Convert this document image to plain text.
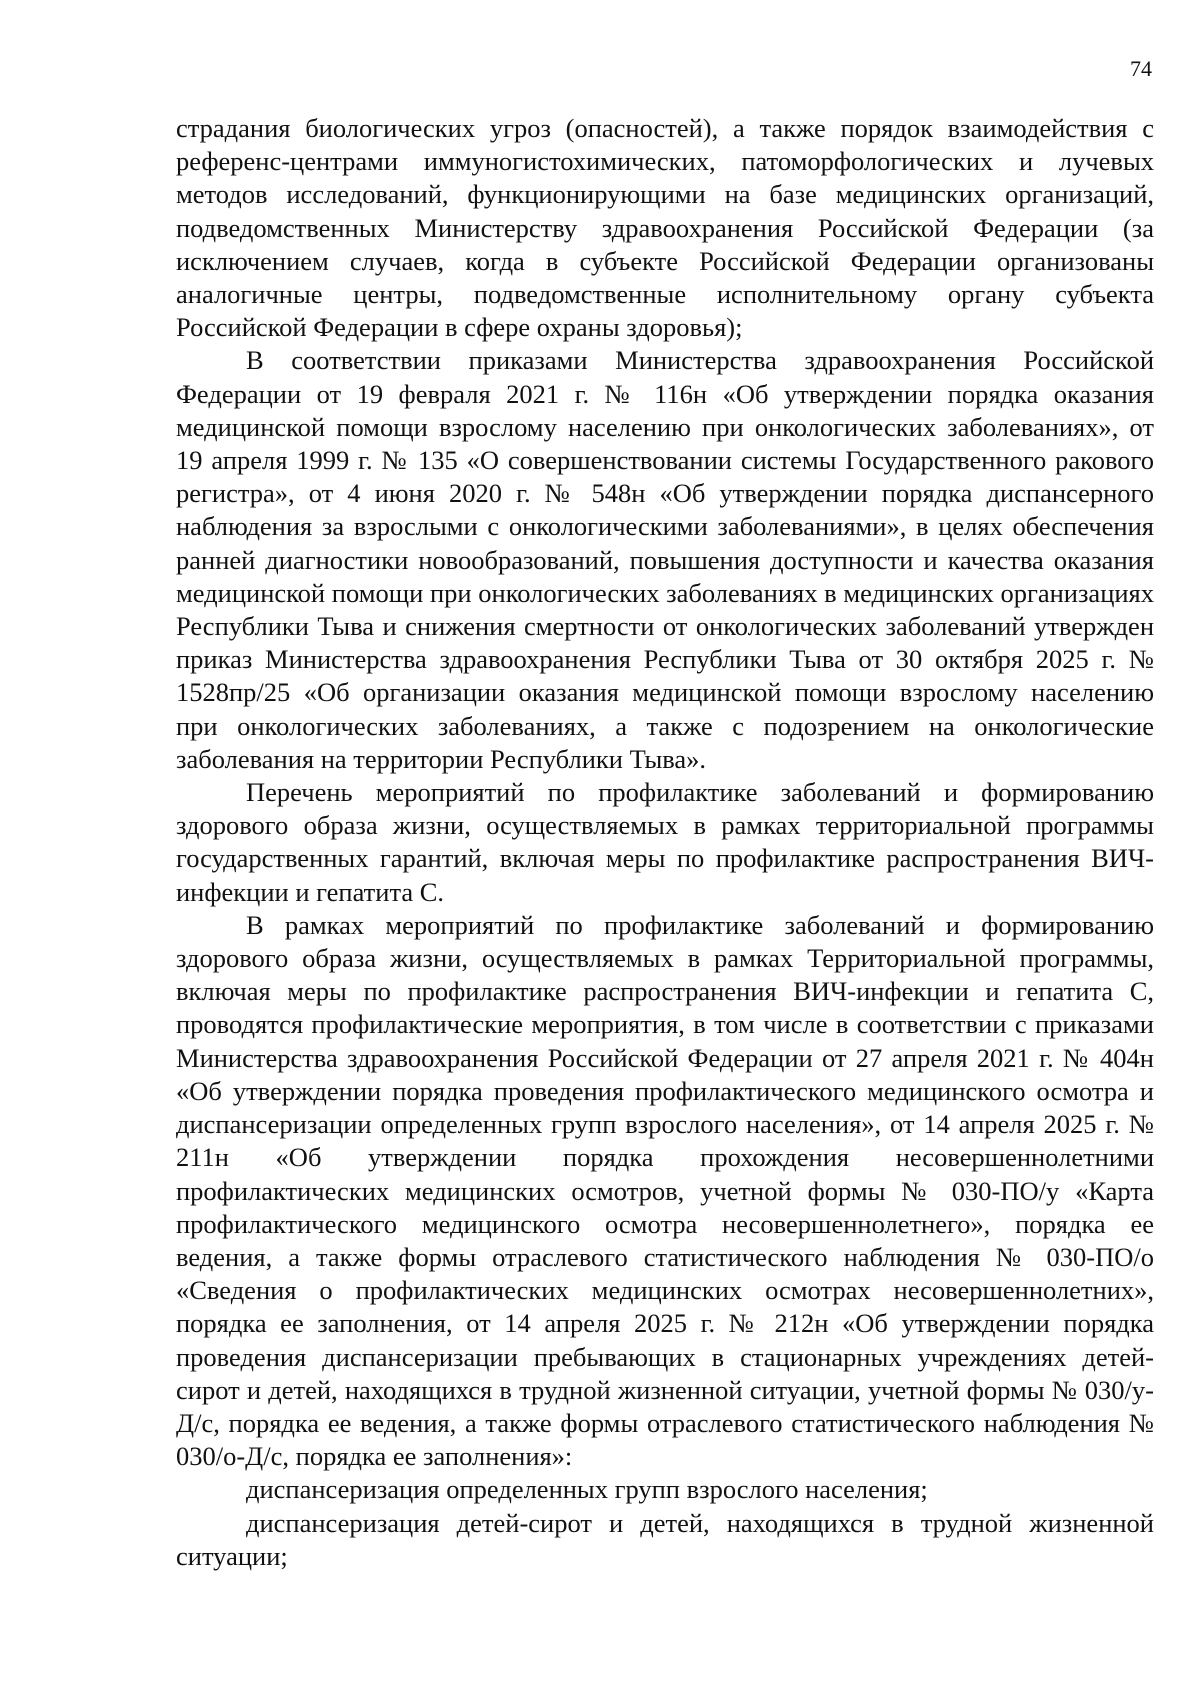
74

страдания биологических угроз (опасностей), а также порядок взаимодействия с референс-центрами иммуногистохимических, патоморфологических и лучевых методов исследований, функционирующими на базе медицинских организаций, подведомственных Министерству здравоохранения Российской Федерации (за исключением случаев, когда в субъекте Российской Федерации организованы аналогичные центры, подведомственные исполнительному органу субъекта Российской Федерации в сфере охраны здоровья);

В соответствии приказами Министерства здравоохранения Российской Федерации от 19 февраля 2021 г. № 116н «Об утверждении порядка оказания медицинской помощи взрослому населению при онкологических заболеваниях», от 19 апреля 1999 г. № 135 «О совершенствовании системы Государственного ракового регистра», от 4 июня 2020 г. № 548н «Об утверждении порядка диспансерного наблюдения за взрослыми с онкологическими заболеваниями», в целях обеспечения ранней диагностики новообразований, повышения доступности и качества оказания медицинской помощи при онкологических заболеваниях в медицинских организациях Республики Тыва и снижения смертности от онкологических заболеваний утвержден приказ Министерства здравоохранения Республики Тыва от 30 октября 2025 г. № 1528пр/25 «Об организации оказания медицинской помощи взрослому населению при онкологических заболеваниях, а также с подозрением на онкологические заболевания на территории Республики Тыва».

Перечень мероприятий по профилактике заболеваний и формированию здорового образа жизни, осуществляемых в рамках территориальной программы государственных гарантий, включая меры по профилактике распространения ВИЧ-инфекции и гепатита С.

В рамках мероприятий по профилактике заболеваний и формированию здорового образа жизни, осуществляемых в рамках Территориальной программы, включая меры по профилактике распространения ВИЧ-инфекции и гепатита С, проводятся профилактические мероприятия, в том числе в соответствии с приказами Министерства здравоохранения Российской Федерации от 27 апреля 2021 г. № 404н «Об утверждении порядка проведения профилактического медицинского осмотра и диспансеризации определенных групп взрослого населения», от 14 апреля 2025 г. № 211н «Об утверждении порядка прохождения несовершеннолетними профилактических медицинских осмотров, учетной формы № 030-ПО/у «Карта профилактического медицинского осмотра несовершеннолетнего», порядка ее ведения, а также формы отраслевого статистического наблюдения № 030-ПО/о «Сведения о профилактических медицинских осмотрах несовершеннолетних», порядка ее заполнения, от 14 апреля 2025 г. № 212н «Об утверждении порядка проведения диспансеризации пребывающих в стационарных учреждениях детей-сирот и детей, находящихся в трудной жизненной ситуации, учетной формы № 030/у-Д/с, порядка ее ведения, а также формы отраслевого статистического наблюдения № 030/о-Д/с, порядка ее заполнения»:

диспансеризация определенных групп взрослого населения;

диспансеризация детей-сирот и детей, находящихся в трудной жизненной ситуации;
